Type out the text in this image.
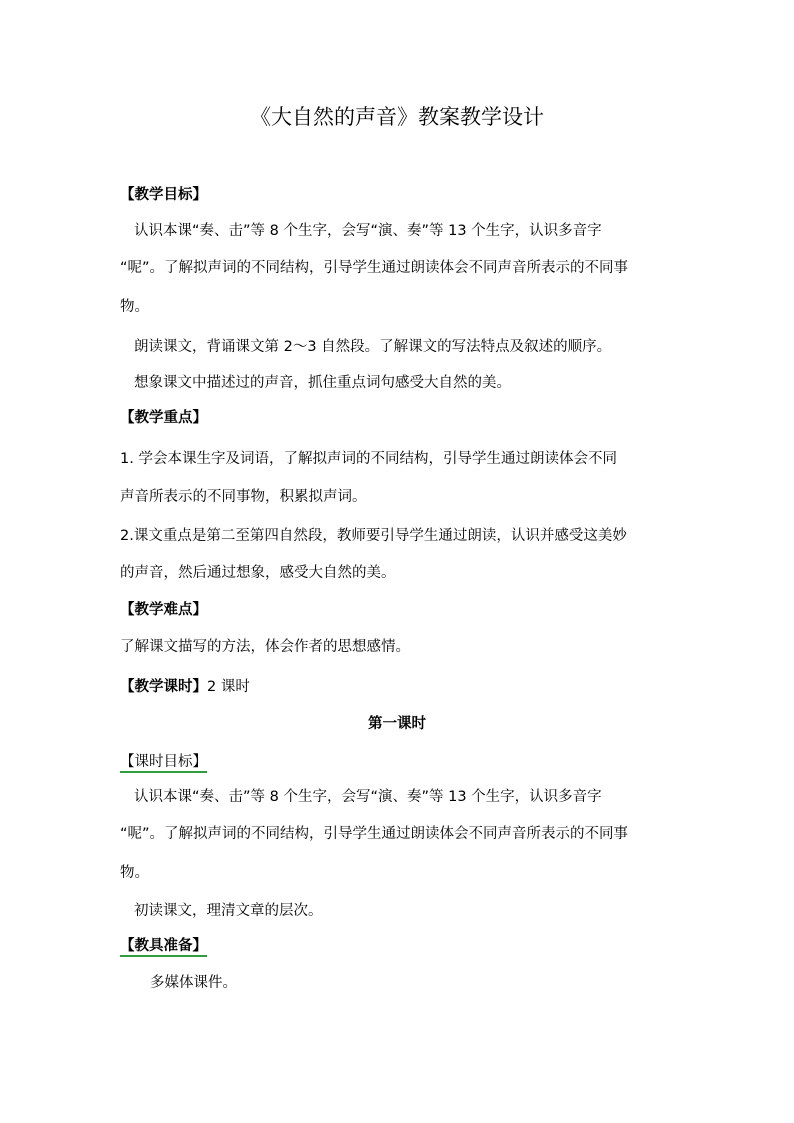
《大自然的声音》教案教学设计
【教学目标】
认识本课“奏、击”等 8 个生字，会写“演、奏”等 13 个生字，认识多音字
“呢”。了解拟声词的不同结构，引导学生通过朗读体会不同声音所表示的不同事
物。
朗读课文，背诵课文第 2～3 自然段。了解课文的写法特点及叙述的顺序。
想象课文中描述过的声音，抓住重点词句感受大自然的美。
【教学重点】
1. 学会本课生字及词语，了解拟声词的不同结构，引导学生通过朗读体会不同
声音所表示的不同事物，积累拟声词。
2.课文重点是第二至第四自然段，教师要引导学生通过朗读，认识并感受这美妙
的声音，然后通过想象，感受大自然的美。
【教学难点】
了解课文描写的方法，体会作者的思想感情。
【教学课时】2 课时
第一课时
【课时目标】
认识本课“奏、击”等 8 个生字，会写“演、奏”等 13 个生字，认识多音字
“呢”。了解拟声词的不同结构，引导学生通过朗读体会不同声音所表示的不同事
物。
初读课文，理清文章的层次。
【教具准备】
多媒体课件。
